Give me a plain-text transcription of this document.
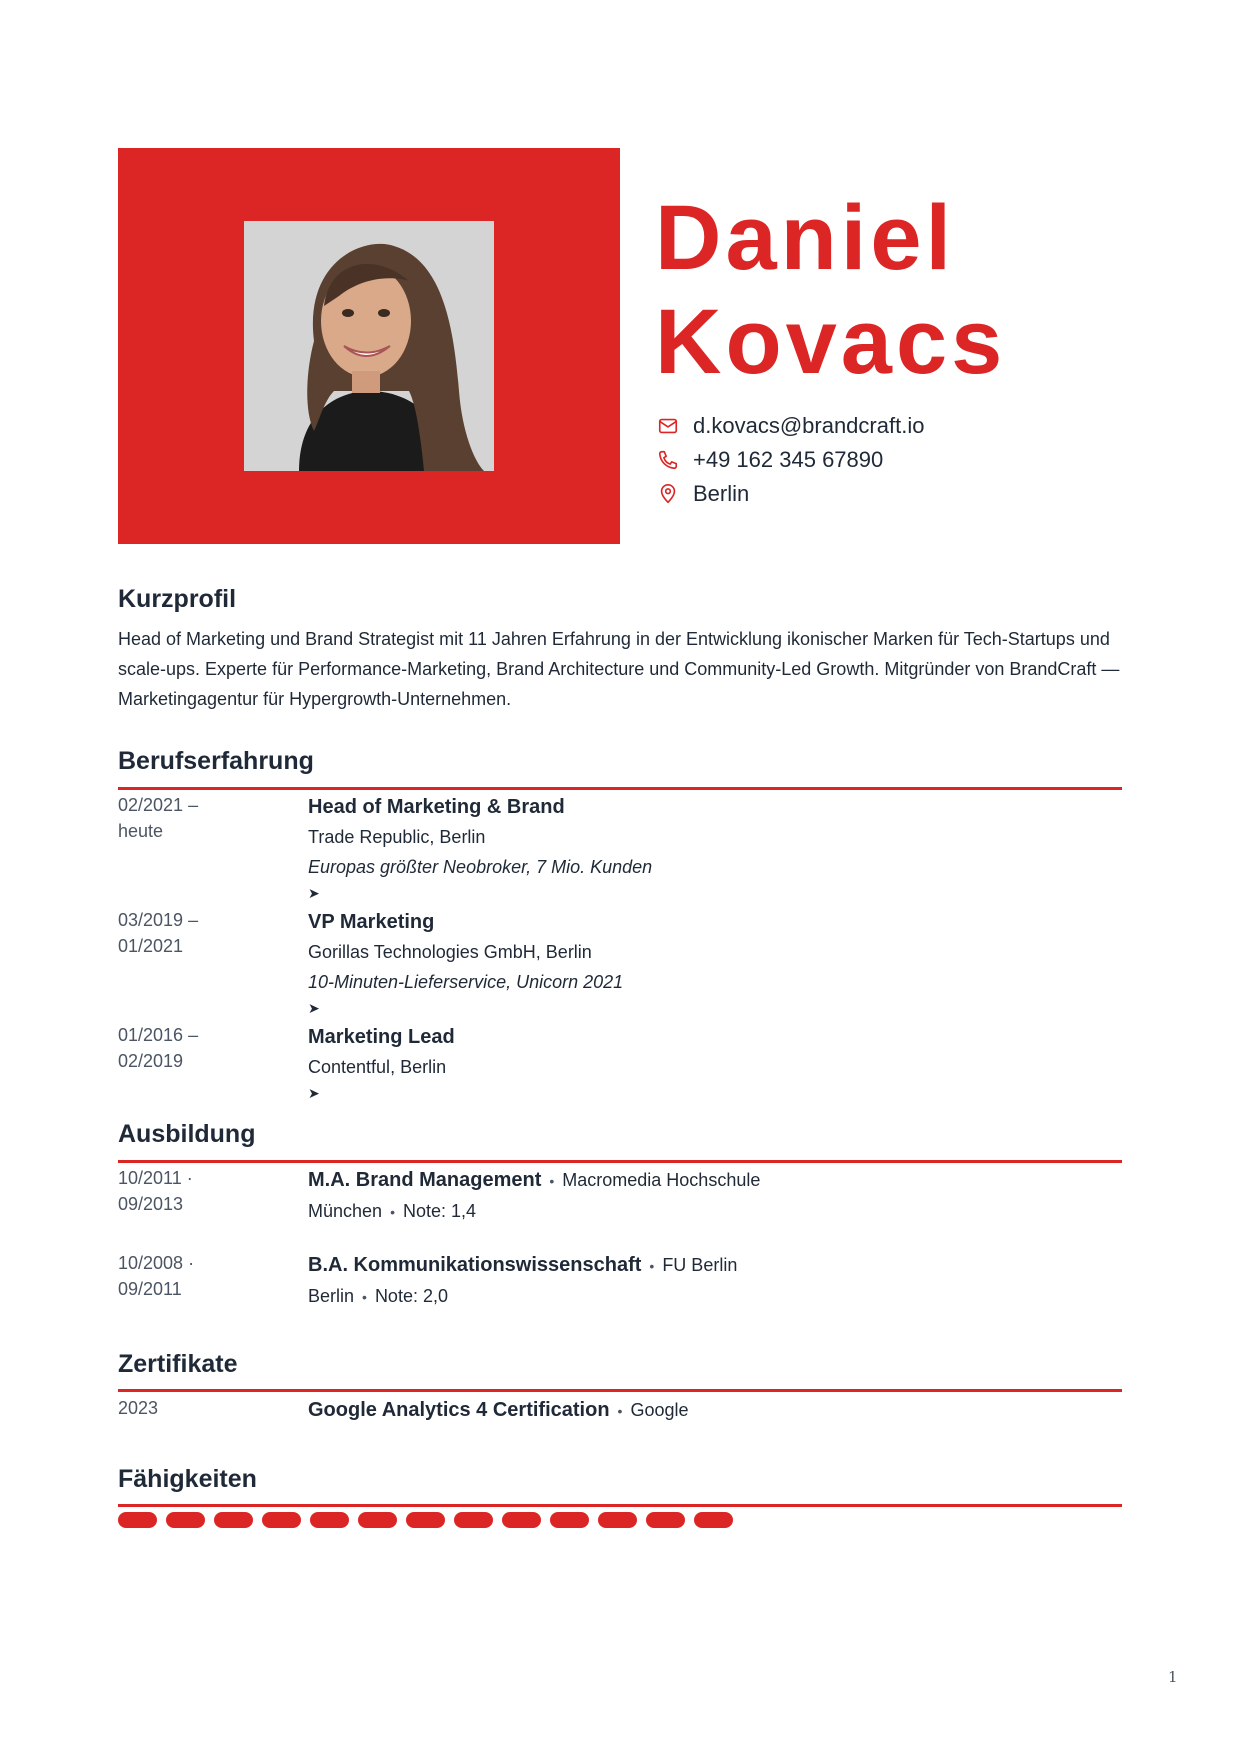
Daniel
Kovacs
d.kovacs@brandcraft.io
+49 162 345 67890
Berlin
Kurzprofil

Head of Marketing und Brand Strategist mit 11 Jahren Erfahrung in der Entwicklung ikonischer Marken für Tech-Startups und scale-ups. Experte für Performance-Marketing, Brand Architecture und Community-Led Growth. Mitgründer von BrandCraft — Marketingagentur für Hypergrowth-Unternehmen.

Berufserfahrung
02/2021 –
heute
Head of Marketing & Brand
Trade Republic, Berlin
Europas größter Neobroker, 7 Mio. Kunden
➤
03/2019 –
01/2021
VP Marketing
Gorillas Technologies GmbH, Berlin
10-Minuten-Lieferservice, Unicorn 2021
➤
01/2016 –
02/2019
Marketing Lead
Contentful, Berlin
➤
Ausbildung
10/2011 ·
09/2013
M.A. Brand Management • Macromedia Hochschule
München • Note: 1,4
10/2008 ·
09/2011
B.A. Kommunikationswissenschaft • FU Berlin
Berlin • Note: 2,0
Zertifikate
2023	Google Analytics 4 Certification • Google
Fähigkeiten
1
